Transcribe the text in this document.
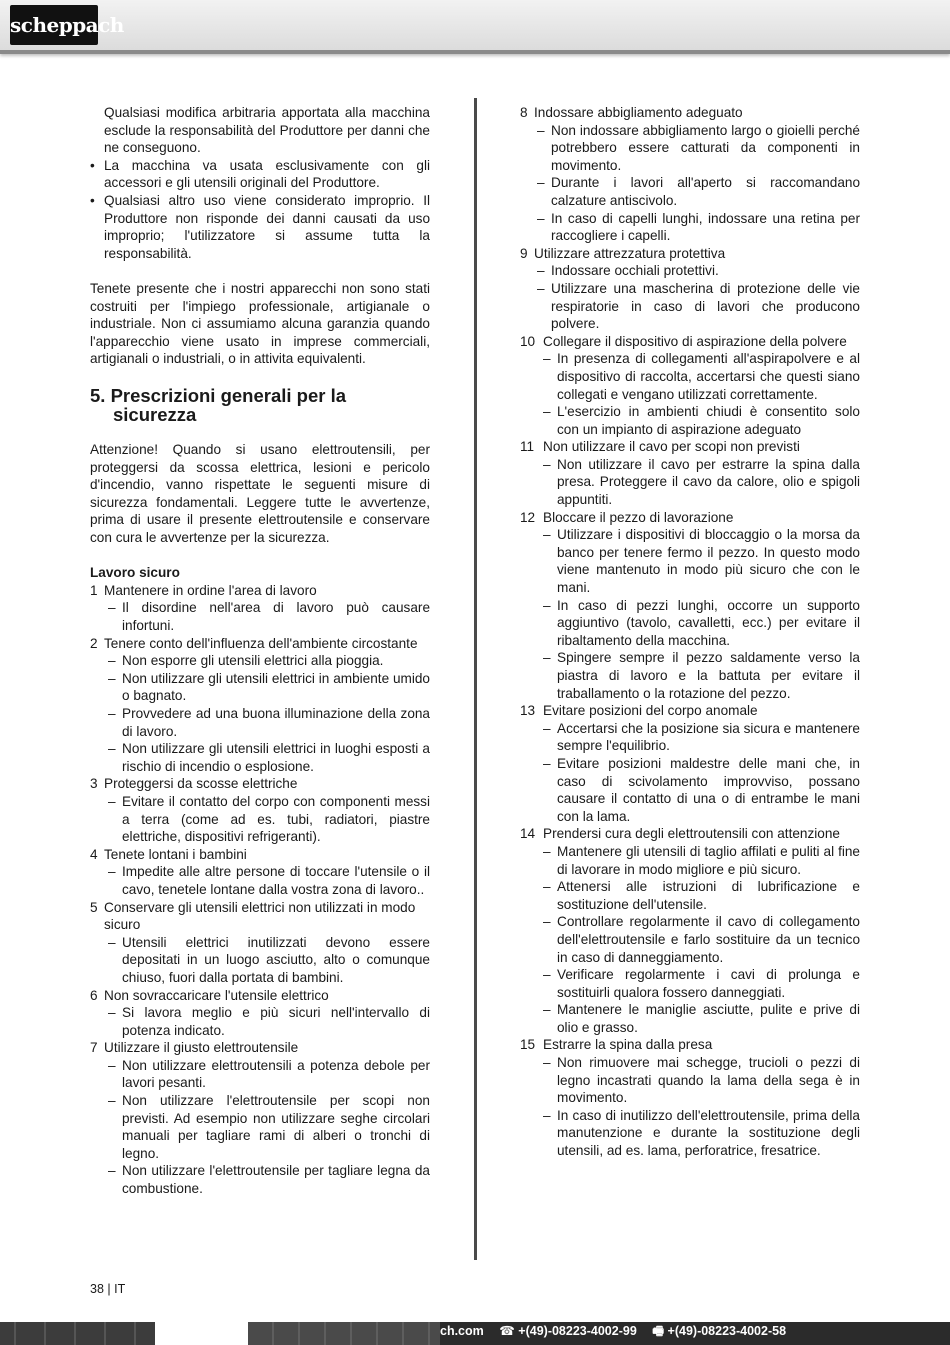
scheppach

Qualsiasi modifica arbitraria apportata alla macchina esclude la responsabilità del Produttore per danni che ne conseguono.

• La macchina va usata esclusivamente con gli accessori e gli utensili originali del Produttore.
• Qualsiasi altro uso viene considerato improprio. Il Produttore non risponde dei danni causati da uso improprio; l'utilizzatore si assume tutta la responsabilità.

Tenete presente che i nostri apparecchi non sono stati costruiti per l'impiego professionale, artigianale o industriale. Non ci assumiamo alcuna garanzia quando l'apparecchio viene usato in imprese commerciali, artigianali o industriali, o in attivita equivalenti.

5. Prescrizioni generali per la sicurezza

Attenzione! Quando si usano elettroutensili, per proteggersi da scossa elettrica, lesioni e pericolo d'incendio, vanno rispettate le seguenti misure di sicurezza fondamentali. Leggere tutte le avvertenze, prima di usare il presente elettroutensile e conservare con cura le avvertenze per la sicurezza.

Lavoro sicuro
1 Mantenere in ordine l'area di lavoro
– Il disordine nell'area di lavoro può causare infortuni.
2 Tenere conto dell'influenza dell'ambiente circostante
– Non esporre gli utensili elettrici alla pioggia.
– Non utilizzare gli utensili elettrici in ambiente umido o bagnato.
– Provvedere ad una buona illuminazione della zona di lavoro.
– Non utilizzare gli utensili elettrici in luoghi esposti a rischio di incendio o esplosione.
3 Proteggersi da scosse elettriche
– Evitare il contatto del corpo con componenti messi a terra (come ad es. tubi, radiatori, piastre elettriche, dispositivi refrigeranti).
4 Tenete lontani i bambini
– Impedite alle altre persone di toccare l'utensile o il cavo, tenetele lontane dalla vostra zona di lavoro..
5 Conservare gli utensili elettrici non utilizzati in modo sicuro
– Utensili elettrici inutilizzati devono essere depositati in un luogo asciutto, alto o comunque chiuso, fuori dalla portata di bambini.
6 Non sovraccaricare l'utensile elettrico
– Si lavora meglio e più sicuri nell'intervallo di potenza indicato.
7 Utilizzare il giusto elettroutensile
– Non utilizzare elettroutensili a potenza debole per lavori pesanti.
– Non utilizzare l'elettroutensile per scopi non previsti. Ad esempio non utilizzare seghe circolari manuali per tagliare rami di alberi o tronchi di legno.
– Non utilizzare l'elettroutensile per tagliare legna da combustione.
8 Indossare abbigliamento adeguato
– Non indossare abbigliamento largo o gioielli perché potrebbero essere catturati da componenti in movimento.
– Durante i lavori all'aperto si raccomandano calzature antiscivolo.
– In caso di capelli lunghi, indossare una retina per raccogliere i capelli.
9 Utilizzare attrezzatura protettiva
– Indossare occhiali protettivi.
– Utilizzare una mascherina di protezione delle vie respiratorie in caso di lavori che producono polvere.
10 Collegare il dispositivo di aspirazione della polvere
– In presenza di collegamenti all'aspirapolvere e al dispositivo di raccolta, accertarsi che questi siano collegati e vengano utilizzati correttamente.
– L'esercizio in ambienti chiudi è consentito solo con un impianto di aspirazione adeguato
11 Non utilizzare il cavo per scopi non previsti
– Non utilizzare il cavo per estrarre la spina dalla presa. Proteggere il cavo da calore, olio e spigoli appuntiti.
12 Bloccare il pezzo di lavorazione
– Utilizzare i dispositivi di bloccaggio o la morsa da banco per tenere fermo il pezzo. In questo modo viene mantenuto in modo più sicuro che con le mani.
– In caso di pezzi lunghi, occorre un supporto aggiuntivo (tavolo, cavalletti, ecc.) per evitare il ribaltamento della macchina.
– Spingere sempre il pezzo saldamente verso la piastra di lavoro e la battuta per evitare il traballamento o la rotazione del pezzo.
13 Evitare posizioni del corpo anomale
– Accertarsi che la posizione sia sicura e mantenere sempre l'equilibrio.
– Evitare posizioni maldestre delle mani che, in caso di scivolamento improvviso, possano causare il contatto di una o di entrambe le mani con la lama.
14 Prendersi cura degli elettroutensili con attenzione
– Mantenere gli utensili di taglio affilati e puliti al fine di lavorare in modo migliore e più sicuro.
– Attenersi alle istruzioni di lubrificazione e sostituzione dell'utensile.
– Controllare regolarmente il cavo di collegamento dell'elettroutensile e farlo sostituire da un tecnico in caso di danneggiamento.
– Verificare regolarmente i cavi di prolunga e sostituirli qualora fossero danneggiati.
– Mantenere le maniglie asciutte, pulite e prive di olio e grasso.
15 Estrarre la spina dalla presa
– Non rimuovere mai schegge, trucioli o pezzi di legno incastrati quando la lama della sega è in movimento.
– In caso di inutilizzo dell'elettroutensile, prima della manutenzione e durante la sostituzione degli utensili, ad es. lama, perforatrice, fresatrice.
38 | IT
ch.com ☎ +(49)-08223-4002-99 🖷 +(49)-08223-4002-58
